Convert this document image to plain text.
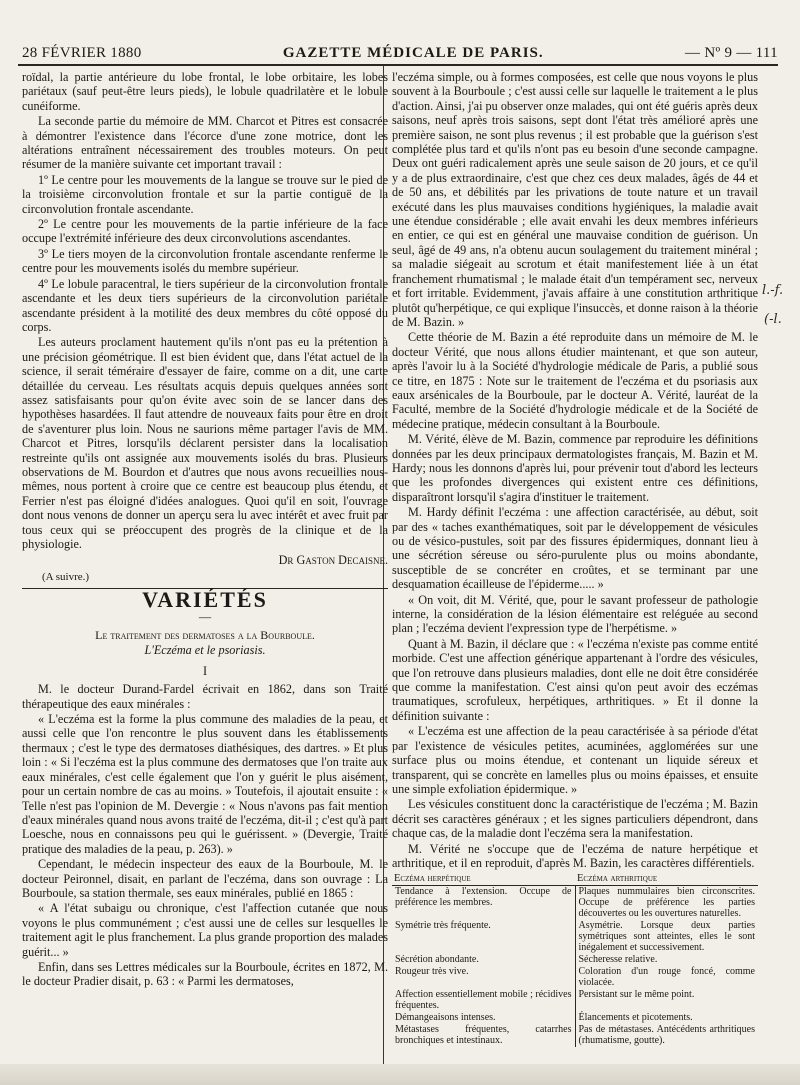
28 FÉVRIER 1880	GAZETTE MÉDICALE DE PARIS.	— Nº 9 — 111

roïdal, la partie antérieure du lobe frontal, le lobe orbitaire, les lobes pariétaux (sauf peut-être leurs pieds), le lobule quadrilatère et le lobule cunéiforme.

La seconde partie du mémoire de MM. Charcot et Pitres est consacrée à démontrer l'existence dans l'écorce d'une zone motrice, dont les altérations entraînent nécessairement des troubles moteurs. On peut résumer de la manière suivante cet important travail :

1º Le centre pour les mouvements de la langue se trouve sur le pied de la troisième circonvolution frontale et sur la partie contiguë de la circonvolution frontale ascendante.

2º Le centre pour les mouvements de la partie inférieure de la face occupe l'extrémité inférieure des deux circonvolutions ascendantes.

3º Le tiers moyen de la circonvolution frontale ascendante renferme le centre pour les mouvements isolés du membre supérieur.

4º Le lobule paracentral, le tiers supérieur de la circonvolution frontale ascendante et les deux tiers supérieurs de la circonvolution pariétale ascendante président à la motilité des deux membres du côté opposé du corps.

Les auteurs proclament hautement qu'ils n'ont pas eu la prétention à une précision géométrique. Il est bien évident que, dans l'état actuel de la science, il serait téméraire d'essayer de faire, comme on a dit, une carte détaillée du cerveau. Les résultats acquis depuis quelques années sont assez satisfaisants pour qu'on évite avec soin de se lancer dans des hypothèses hasardées. Il faut attendre de nouveaux faits pour être en droit de s'aventurer plus loin. Nous ne saurions même partager l'avis de MM. Charcot et Pitres, lorsqu'ils déclarent persister dans la localisation restreinte qu'ils ont assignée aux mouvements isolés du bras. Plusieurs observations de M. Bourdon et d'autres que nous avons recueillies nous-mêmes, nous portent à croire que ce centre est beaucoup plus étendu, et Ferrier n'est pas éloigné d'idées analogues. Quoi qu'il en soit, l'ouvrage dont nous venons de donner un aperçu sera lu avec intérêt et avec fruit par tous ceux qui se préoccupent des progrès de la clinique et de la physiologie.

Dr Gaston Decaisne.
(A suivre.)
VARIÉTÉS
—
Le traitement des dermatoses a la Bourboule.
L'Eczéma et le psoriasis.
I

M. le docteur Durand-Fardel écrivait en 1862, dans son Traité thérapeutique des eaux minérales :

« L'eczéma est la forme la plus commune des maladies de la peau, et aussi celle que l'on rencontre le plus souvent dans les établissements thermaux ; c'est le type des dermatoses diathésiques, des dartres. » Et plus loin : « Si l'eczéma est la plus commune des dermatoses que l'on traite aux eaux minérales, c'est celle également que l'on y guérit le plus aisément, pour un certain nombre de cas au moins. » Toutefois, il ajoutait ensuite : « Telle n'est pas l'opinion de M. Devergie : « Nous n'avons pas fait mention d'eaux minérales quand nous avons traité de l'eczéma, dit-il ; c'est qu'à part Loesche, nous en connaissons peu qui le guérissent. » (Devergie, Traité pratique des maladies de la peau, p. 263). »

Cependant, le médecin inspecteur des eaux de la Bourboule, M. le docteur Peironnel, disait, en parlant de l'eczéma, dans son ouvrage : La Bourboule, sa station thermale, ses eaux minérales, publié en 1865 :

« A l'état subaigu ou chronique, c'est l'affection cutanée que nous voyons le plus communément ; c'est aussi une de celles sur lesquelles le traitement agit le plus franchement. La plus grande proportion des malades guérit... »

Enfin, dans ses Lettres médicales sur la Bourboule, écrites en 1872, M. le docteur Pradier disait, p. 63 : « Parmi les dermatoses,

l'eczéma simple, ou à formes composées, est celle que nous voyons le plus souvent à la Bourboule ; c'est aussi celle sur laquelle le traitement a le plus d'action. Ainsi, j'ai pu observer onze malades, qui ont été guéris après deux saisons, neuf après trois saisons, sept dont l'état très amélioré après une première saison, ne sont plus revenus ; il est probable que la guérison s'est complétée plus tard et qu'ils n'ont pas eu besoin d'une seconde campagne. Deux ont guéri radicalement après une seule saison de 20 jours, et ce qu'il y a de plus extraordinaire, c'est que chez ces deux malades, âgés de 44 et de 50 ans, et débilités par les privations de toute nature et un travail exécuté dans les plus mauvaises conditions hygiéniques, la maladie avait une étendue considérable ; elle avait envahi les deux membres inférieurs en entier, ce qui est en général une mauvaise condition de guérison. Un seul, âgé de 49 ans, n'a obtenu aucun soulagement du traitement minéral ; sa maladie siégeait au scrotum et était manifestement liée à un état franchement rhumatismal ; le malade était d'un tempérament sec, nerveux et fort irritable. Evidemment, j'avais affaire à une constitution arthritique plutôt qu'herpétique, ce qui explique l'insuccès, et donne raison à la théorie de M. Bazin. »

Cette théorie de M. Bazin a été reproduite dans un mémoire de M. le docteur Vérité, que nous allons étudier maintenant, et que son auteur, après l'avoir lu à la Société d'hydrologie médicale de Paris, a publié sous ce titre, en 1875 : Note sur le traitement de l'eczéma et du psoriasis aux eaux arsénicales de la Bourboule, par le docteur A. Vérité, lauréat de la Faculté, membre de la Société d'hydrologie médicale et de la Société de médecine pratique, médecin consultant à la Bourboule.

M. Vérité, élève de M. Bazin, commence par reproduire les définitions données par les deux principaux dermatologistes français, M. Bazin et M. Hardy; nous les donnons d'après lui, pour prévenir tout d'abord les lecteurs que les profondes divergences qui existent entre ces définitions, disparaîtront lorsqu'il s'agira d'instituer le traitement.

M. Hardy définit l'eczéma : une affection caractérisée, au début, soit par des « taches exanthématiques, soit par le développement de vésicules ou de vésico-pustules, soit par des fissures épidermiques, donnant lieu à une sécrétion séreuse ou séro-purulente plus ou moins abondante, susceptible de se concréter en croûtes, et se terminant par une desquamation écailleuse de l'épiderme..... »

« On voit, dit M. Vérité, que, pour le savant professeur de pathologie interne, la considération de la lésion élémentaire est reléguée au second plan ; l'eczéma devient l'expression type de l'herpétisme. »

Quant à M. Bazin, il déclare que : « l'eczéma n'existe pas comme entité morbide. C'est une affection générique appartenant à l'ordre des vésicules, que l'on retrouve dans plusieurs maladies, dont elle ne doit être considérée que comme la manifestation. C'est ainsi qu'on peut avoir des eczémas traumatiques, scrofuleux, herpétiques, arthritiques. » Et il donne la définition suivante :

« L'eczéma est une affection de la peau caractérisée à sa période d'état par l'existence de vésicules petites, acuminées, agglomérées sur une surface plus ou moins étendue, et contenant un liquide séreux et transparent, qui se concrète en lamelles plus ou moins épaisses, et ensuite une simple exfoliation épidermique. »

Les vésicules constituent donc la caractéristique de l'eczéma ; M. Bazin décrit ses caractères généraux ; et les signes particuliers dépendront, dans chaque cas, de la maladie dont l'eczéma sera la manifestation.

M. Vérité ne s'occupe que de l'eczéma de nature herpétique et arthritique, et il en reproduit, d'après M. Bazin, les caractères différentiels.

Eczéma herpétique	Eczéma arthritique
Tendance à l'extension. Occupe de préférence les membres.	Plaques nummulaires bien circonscrites. Occupe de préférence les parties découvertes ou les ouvertures naturelles.
Symétrie très fréquente.	Asymétrie. Lorsque deux parties symétriques sont atteintes, elles le sont inégalement et successivement.
Sécrétion abondante.	Sécheresse relative.
Rougeur très vive.	Coloration d'un rouge foncé, comme violacée.
Affection essentiellement mobile ; récidives fréquentes.	Persistant sur le même point.
Démangeaisons intenses.	Élancements et picotements.
Métastases fréquentes, catarrhes bronchiques et intestinaux.	Pas de métastases. Antécédents arthritiques (rhumatisme, goutte).
l.-f.
(-l.
